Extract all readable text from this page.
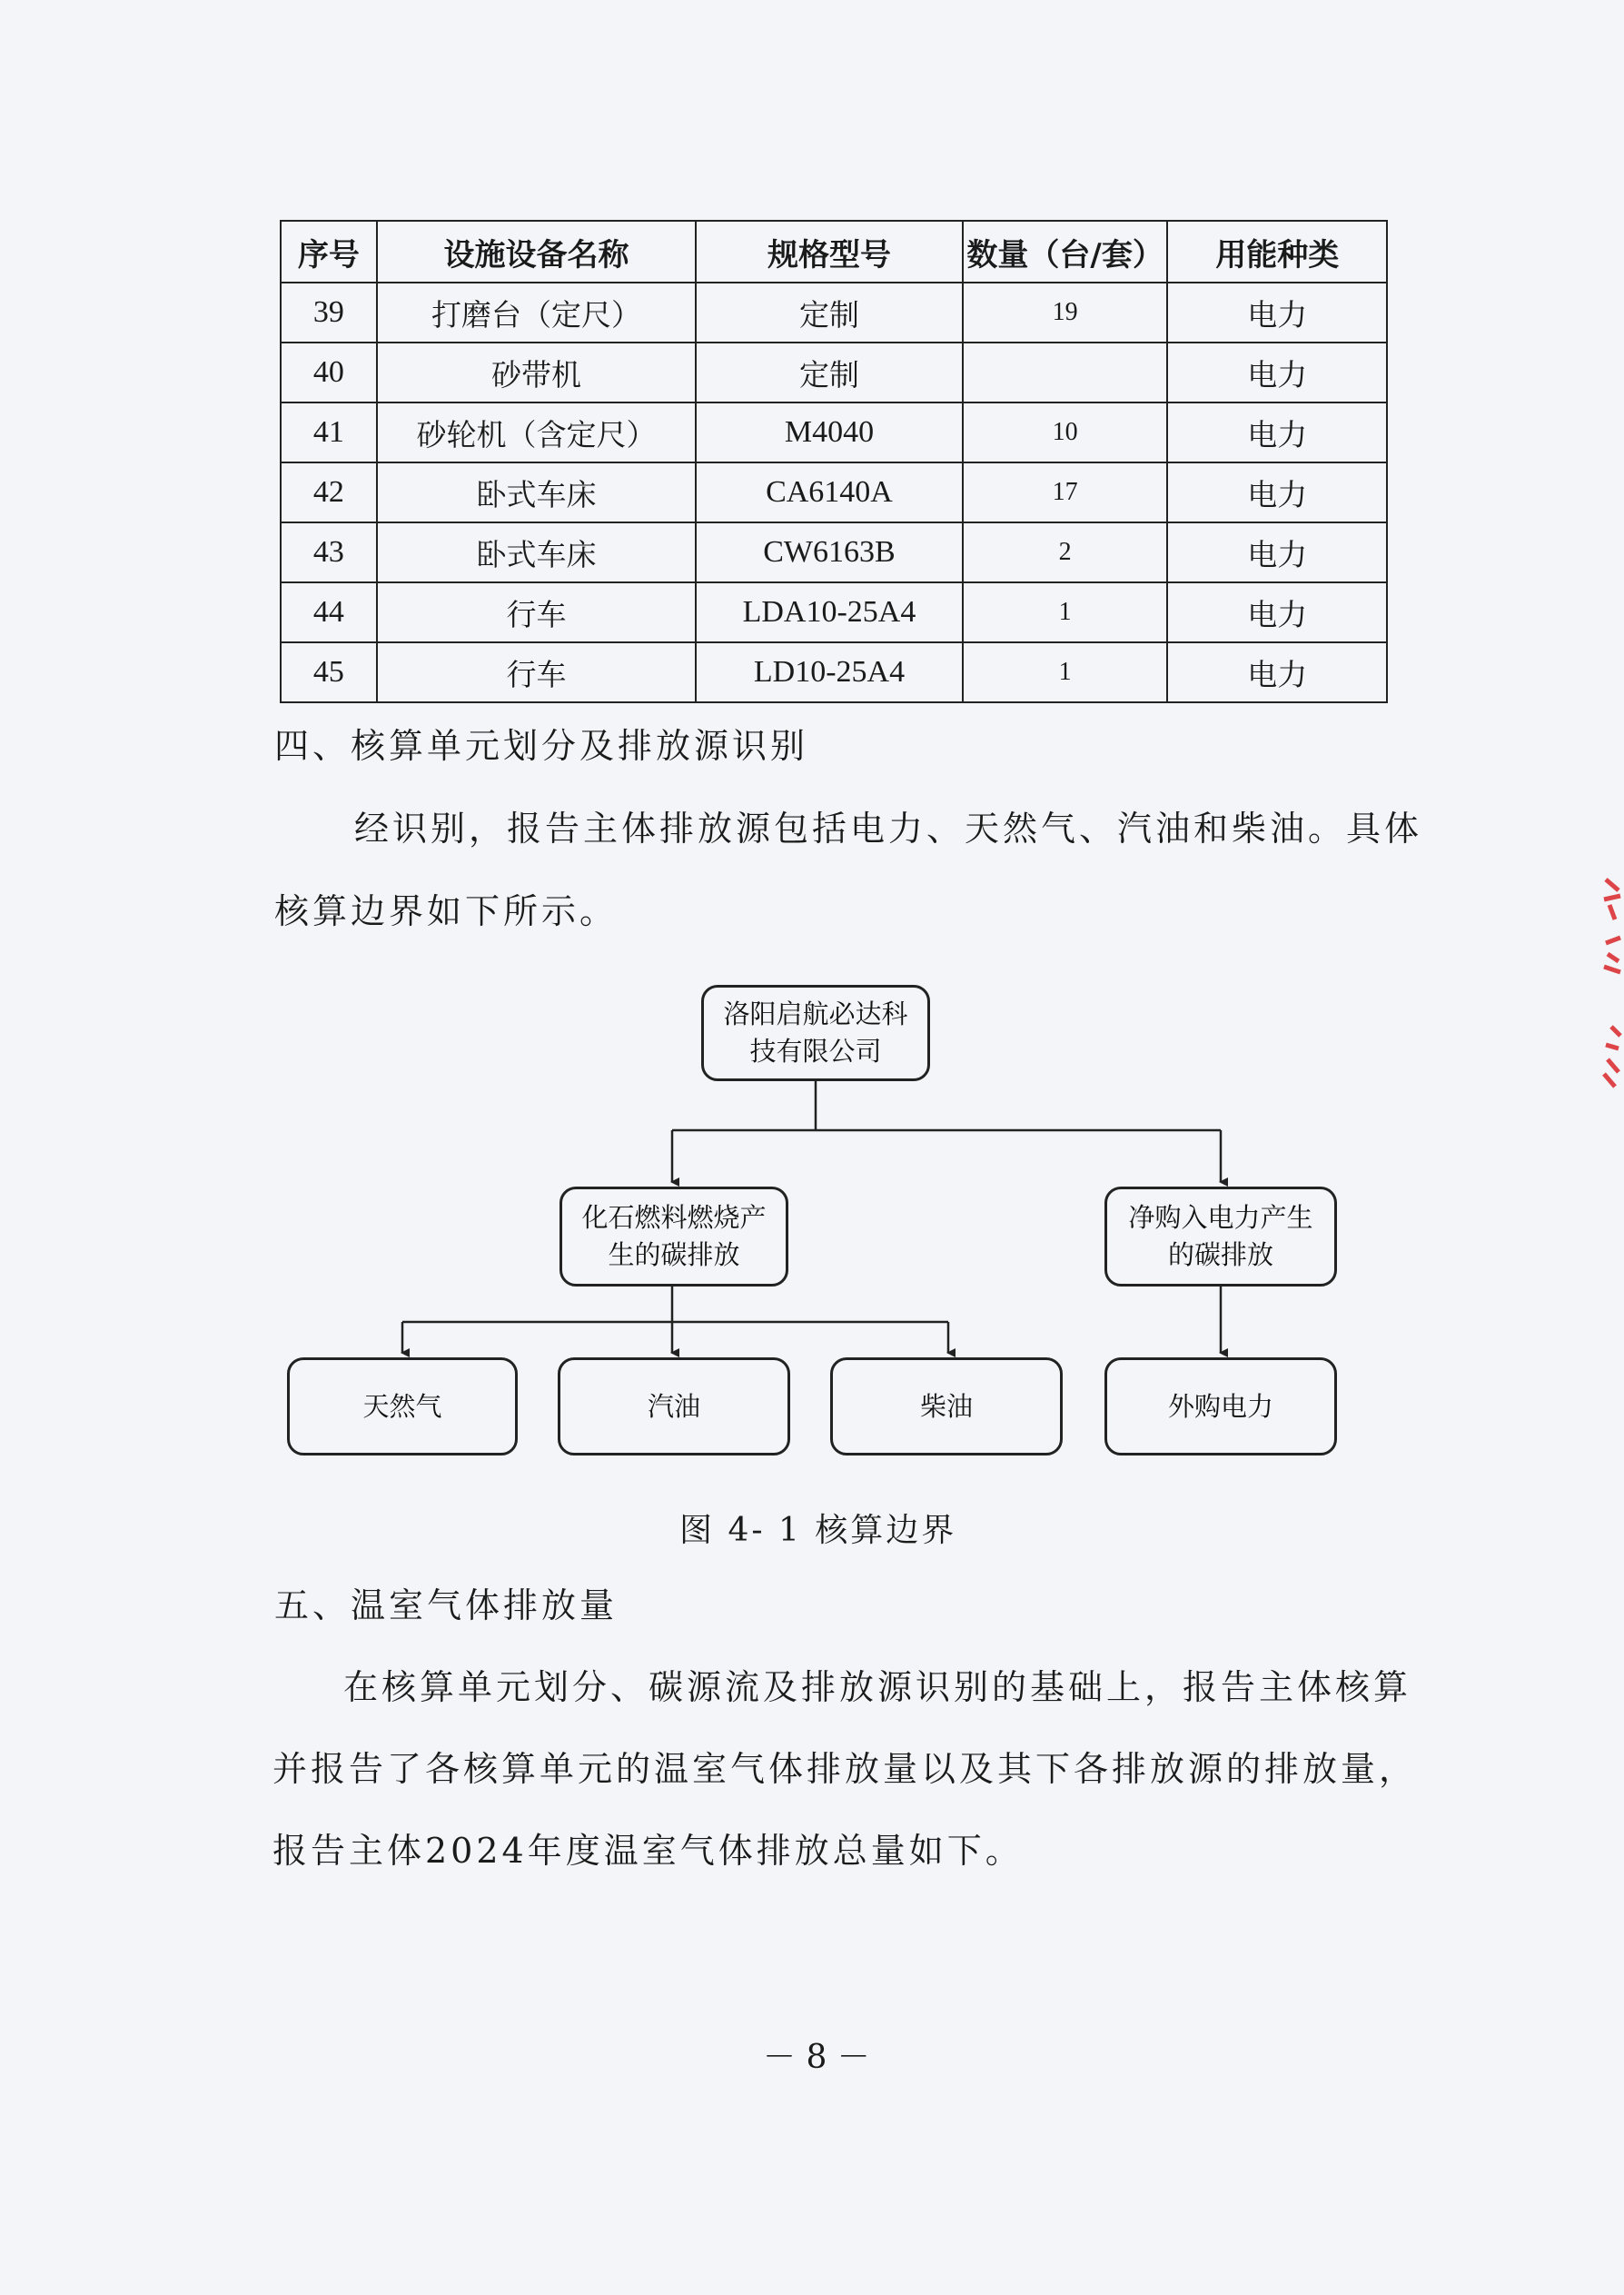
序号	设施设备名称	规格型号	数量（台/套）	用能种类
39	打磨台（定尺）	定制	19	电力
40	砂带机	定制		电力
41	砂轮机（含定尺）	M4040	10	电力
42	卧式车床	CA6140A	17	电力
43	卧式车床	CW6163B	2	电力
44	行车	LDA10-25A4	1	电力
45	行车	LD10-25A4	1	电力
四、核算单元划分及排放源识别
经识别，报告主体排放源包括电力、天然气、汽油和柴油。具体
核算边界如下所示。
洛阳启航必达科
技有限公司
化石燃料燃烧产
生的碳排放
净购入电力产生
的碳排放
天然气	汽油	柴油	外购电力
图 4- 1 核算边界
五、温室气体排放量
在核算单元划分、碳源流及排放源识别的基础上，报告主体核算
并报告了各核算单元的温室气体排放量以及其下各排放源的排放量，
报告主体2024年度温室气体排放总量如下。
－ 8 －
